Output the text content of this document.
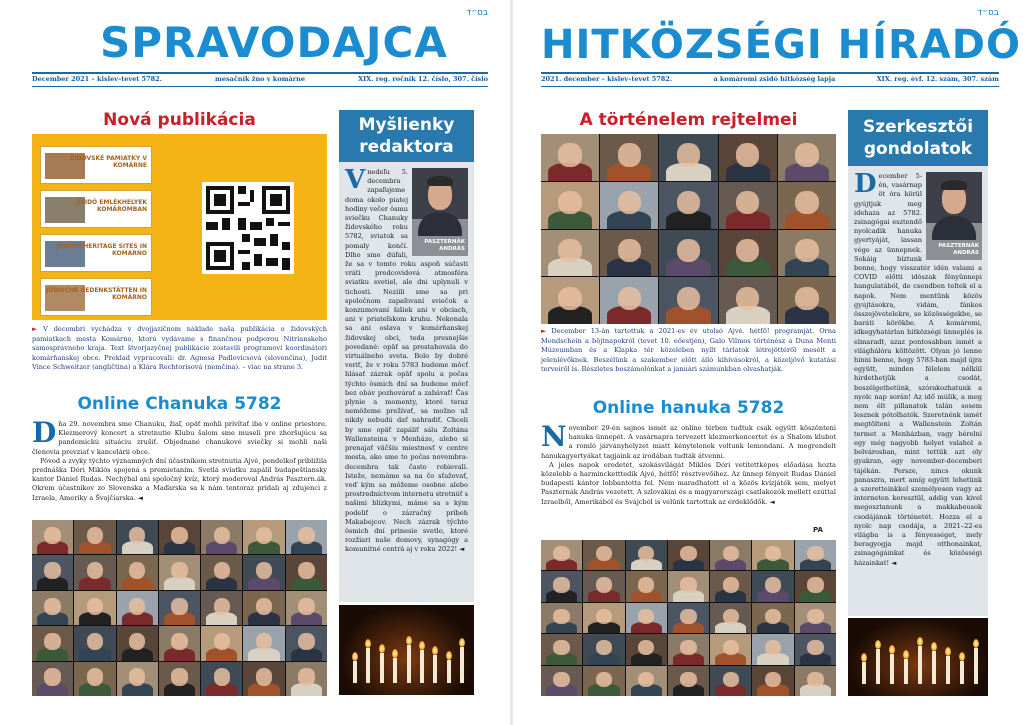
בס״ד
SPRAVODAJCA
December 2021 – kislev–tevet 5782.	mesačník žno v komárne	XIX. reg. ročník 12. číslo, 307. číslo
Nová publikácia
ŽIDOVSKÉ PAMIATKY V KOMÁRNE
ZSIDÓ EMLÉKHELYEK KOMÁROMBAN
JEWISH HERITAGE SITES IN KOMARNO
JÜDISCHE GEDENKSTÄTTEN IN KOMÁRNO
► V decembri vychádza v dvojjazičnom náklade naša publikácia o židovských pamiatkach mesta Komárno, ktorú vydávame s finančnou podporou Nitrianskeho samosprávneho kraja. Text štvorjazyčnej publikácie zostavili programoví koordinátori komárňanskej obce. Preklad vypracovali: dr. Agnesa Padlovicsová (slovenčina), Judit Vince Schweitzer (angličtina) a Klára Rechtorisová (nemčina). – viac na strane 3.
Online Chanuka 5782

Dňa 29. novembra sme Chanuku, žiaľ, opäť mohli privítať iba v online priestore. Klezmerový koncert a stretnutie Klubu šalom sme museli pre zhoršujúcu sa pandemickú situáciu zrušiť. Objednané chanukové sviečky si mohli naši členovia prevziať v kancelárii obce.

Pôvod a zvyky týchto významných dní účastníkom stretnutia Ajvé, pondelkoľ približila prednáška Dóri Miklós spojená s premietaním. Svetlá sviatku zapálil budapeštiansky kantor Dániel Rudas. Nechýbal ani spoločný kvíz, ktorý moderoval András Pasztern.ák. Okrem účastníkov zo Slovenska a Maďarska sa k nám tentoraz pridali aj zdujenci z Izraela, Ameriky a Švajčiarska. ◄

Myšlienky redaktora
PASZTERNÁK ANDRÁS
V nedeľu 5. decembra zapaľujeme doma okolo piatej hodiny večer ôsmu sviečku Chanuky židovského roku 5782, sviatok sa pomaly končí. Dlho sme dúfali, že sa v tomto roku aspoň súčasti vráti predcovidová atmosféra sviatku svetiel, ale dni uplynuli v tichosti. Neziili sme sa pri spoločnom zapaľovaní sviečok a konzumovaní šišiek ani v obciach, ani v priateľskom kruhu. Nekonala sa ani oslava v komárňanskej židovskej obci, teda presnejšie povedané: opäť sa prestahovala do virtuálneho sveta. Bolo by dobré veriť, že v roku 5783 budeme môcť hlásať zázrak opäť spolu a počas týchto ôsmich dní sa budeme môcť bez obáv pozhovárať a zabávať! Čas plynie a momenty, ktoré teraz nemôžeme prežívať, sa možno už nikdy nebudú dať nahradiť. Chceli by sme opäť zapáliť sálu Zoltána Wallensteina v Menháze, alebo si prenajať väčšiu miestnosť v centre mesta, ako sme to počas novembra-decembra tak často robievali. Isteže, nemáme sa na čo sťažovať, veď kým sa môžeme osobne alebo prostredníctvom internetu stretnúť s našimi blízkymi, máme sa s kým podeliť o zázračný príbeh Makabejcov. Nech zázrak týchto ôsmich dní prinesie svetlo, ktoré rozžiari naše domovy, synagógy a komunitné centrá aj v roku 2022! ◄
בס״ד
HITKÖZSÉGI HÍRADÓ
2021. december – kislev–tevet 5782.	a komáromi zsidó hitközség lapja	XIX. reg. évf. 12. szám, 307. szám
A történelem rejtelmei
► December 13-án tartottuk a 2021-es év utolsó Ajvé. hétfő! programját. Orna Mondschein a böjtnapokról (tevet 10. eőestjén), Galo Vilmos történész a Duna Menti Múzeumban és a Klapka tér közelében nyílt tárlatok létrejöttéről mesélt a jelenlévőknek. Beszélünk a szakember előtt álló kihívásokról, a közeljövő kutatási terveiről is. Részletes beszámolónkat a januári számunkban olvashatják.
Online hanuka 5782

November 29-én sajnos ismét az online térben tudtuk csak együtt köszönteni hanuka ünnepét. A vasárnapra tervezett klezmerkoncertet és a Shalom klubot a romló járványhelyzet miatt kénytelenek voltunk lemondani. A megrendelt hanukagyertyákat tagjaink az irodában tudták átvenni.

A jeles napok eredetét, szokásvilágát Miklós Dóri vetítettképes előadása hozta közelebb a harmincketttedik Ajvé, hétfő! résztvevőihez. Az ünnep fényeit Rudas Dániel budapesti kántor lobbantotta fel. Nem maradhatott el a közös kvízjáték sem, melyet Paszternák András vezetett. A szlovákiai és a magyarországi csatlakozók mellett ezúttal Izraelből, Amerikából és Svájcból is velünk tartottak az érdeklődők. ◄

PA
Szerkesztői gondolatok
PASZTERNÁK ANDRÁS
D ecember 5-én, vasárnap öt óra körül gyújtjuk meg idehaza az 5782. zsinagógai esztendő nyolcadik hanuka gyertyáját, lassan vége az ünnepnek. Sokáig bíztunk benne, hogy visszatér idén valami a COVID előtti idószak fényünnepi hangulatából, de csendben teltek el a napok. Nem mentünk közös gyújtásokra, vidám, fánkos összejövetelekre, se közösségekbe, se baráti körökbe. A komáromi, idkegyhatárlan hitközségi ünneplés is elmaradt, azaz pontosabban ismét a világhálóra költözött. Olyan jó lenne hinni benne, hogy 5783-ban majd újra együtt, minden félelem nélkül hirdethetjük a csodát, beszélgethetünk, szórakozhatunk a nyolc nap során! Az idő múlik, a meg nem élt pillanatok talán sosem lesznek pótolhatók. Szeretnénk ismét megtölteni a Wallenstein Zoltán termet a Menházban, vagy bérelni egy még nagyobb helyet valahol a belvárosban, mint tettük azt oly gyakran, egy november-decemberi tájékán. Persze, nincs okunk panaszra, mert amíg együtt lehetünk a szeretteinkkel személyesen vagy az interneten keresztül, addig van kivel megosztanunk a makkabeusok csodájának történetét. Hozza el a nyolc nap csodája, a 2021–22-es világba is a fényességet, mely beragyogja majd otthonainkat, zsinagógáinkat és közösségi házainkat! ◄
